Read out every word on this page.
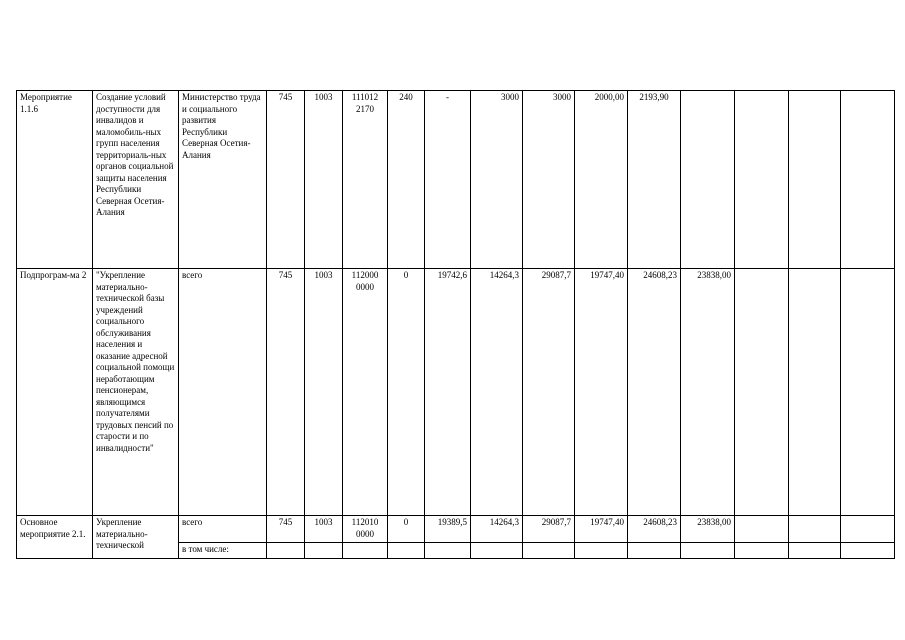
Мероприятие 1.1.6	Создание условий доступности для инвалидов и маломобиль-ных групп населения территориаль-ных органов социальной защиты населения Республики Северная Осетия-Алания	Министерство труда и социального развития Республики Северная Осетия-Алания	745	1003	111012 2170	240	-	3000	3000	2000,00	2193,90				
Подпрограм-ма 2	"Укрепление материально-технической базы учреждений социального обслуживания населения и оказание адресной социальной помощи неработающим пенсионерам, являющимся получателями трудовых пенсий по старости и по инвалидности"	всего	745	1003	112000 0000	0	19742,6	14264,3	29087,7	19747,40	24608,23	23838,00			
Основное мероприятие 2.1.	Укрепление материально-технической	всего	745	1003	112010 0000	0	19389,5	14264,3	29087,7	19747,40	24608,23	23838,00			
		в том числе:													
